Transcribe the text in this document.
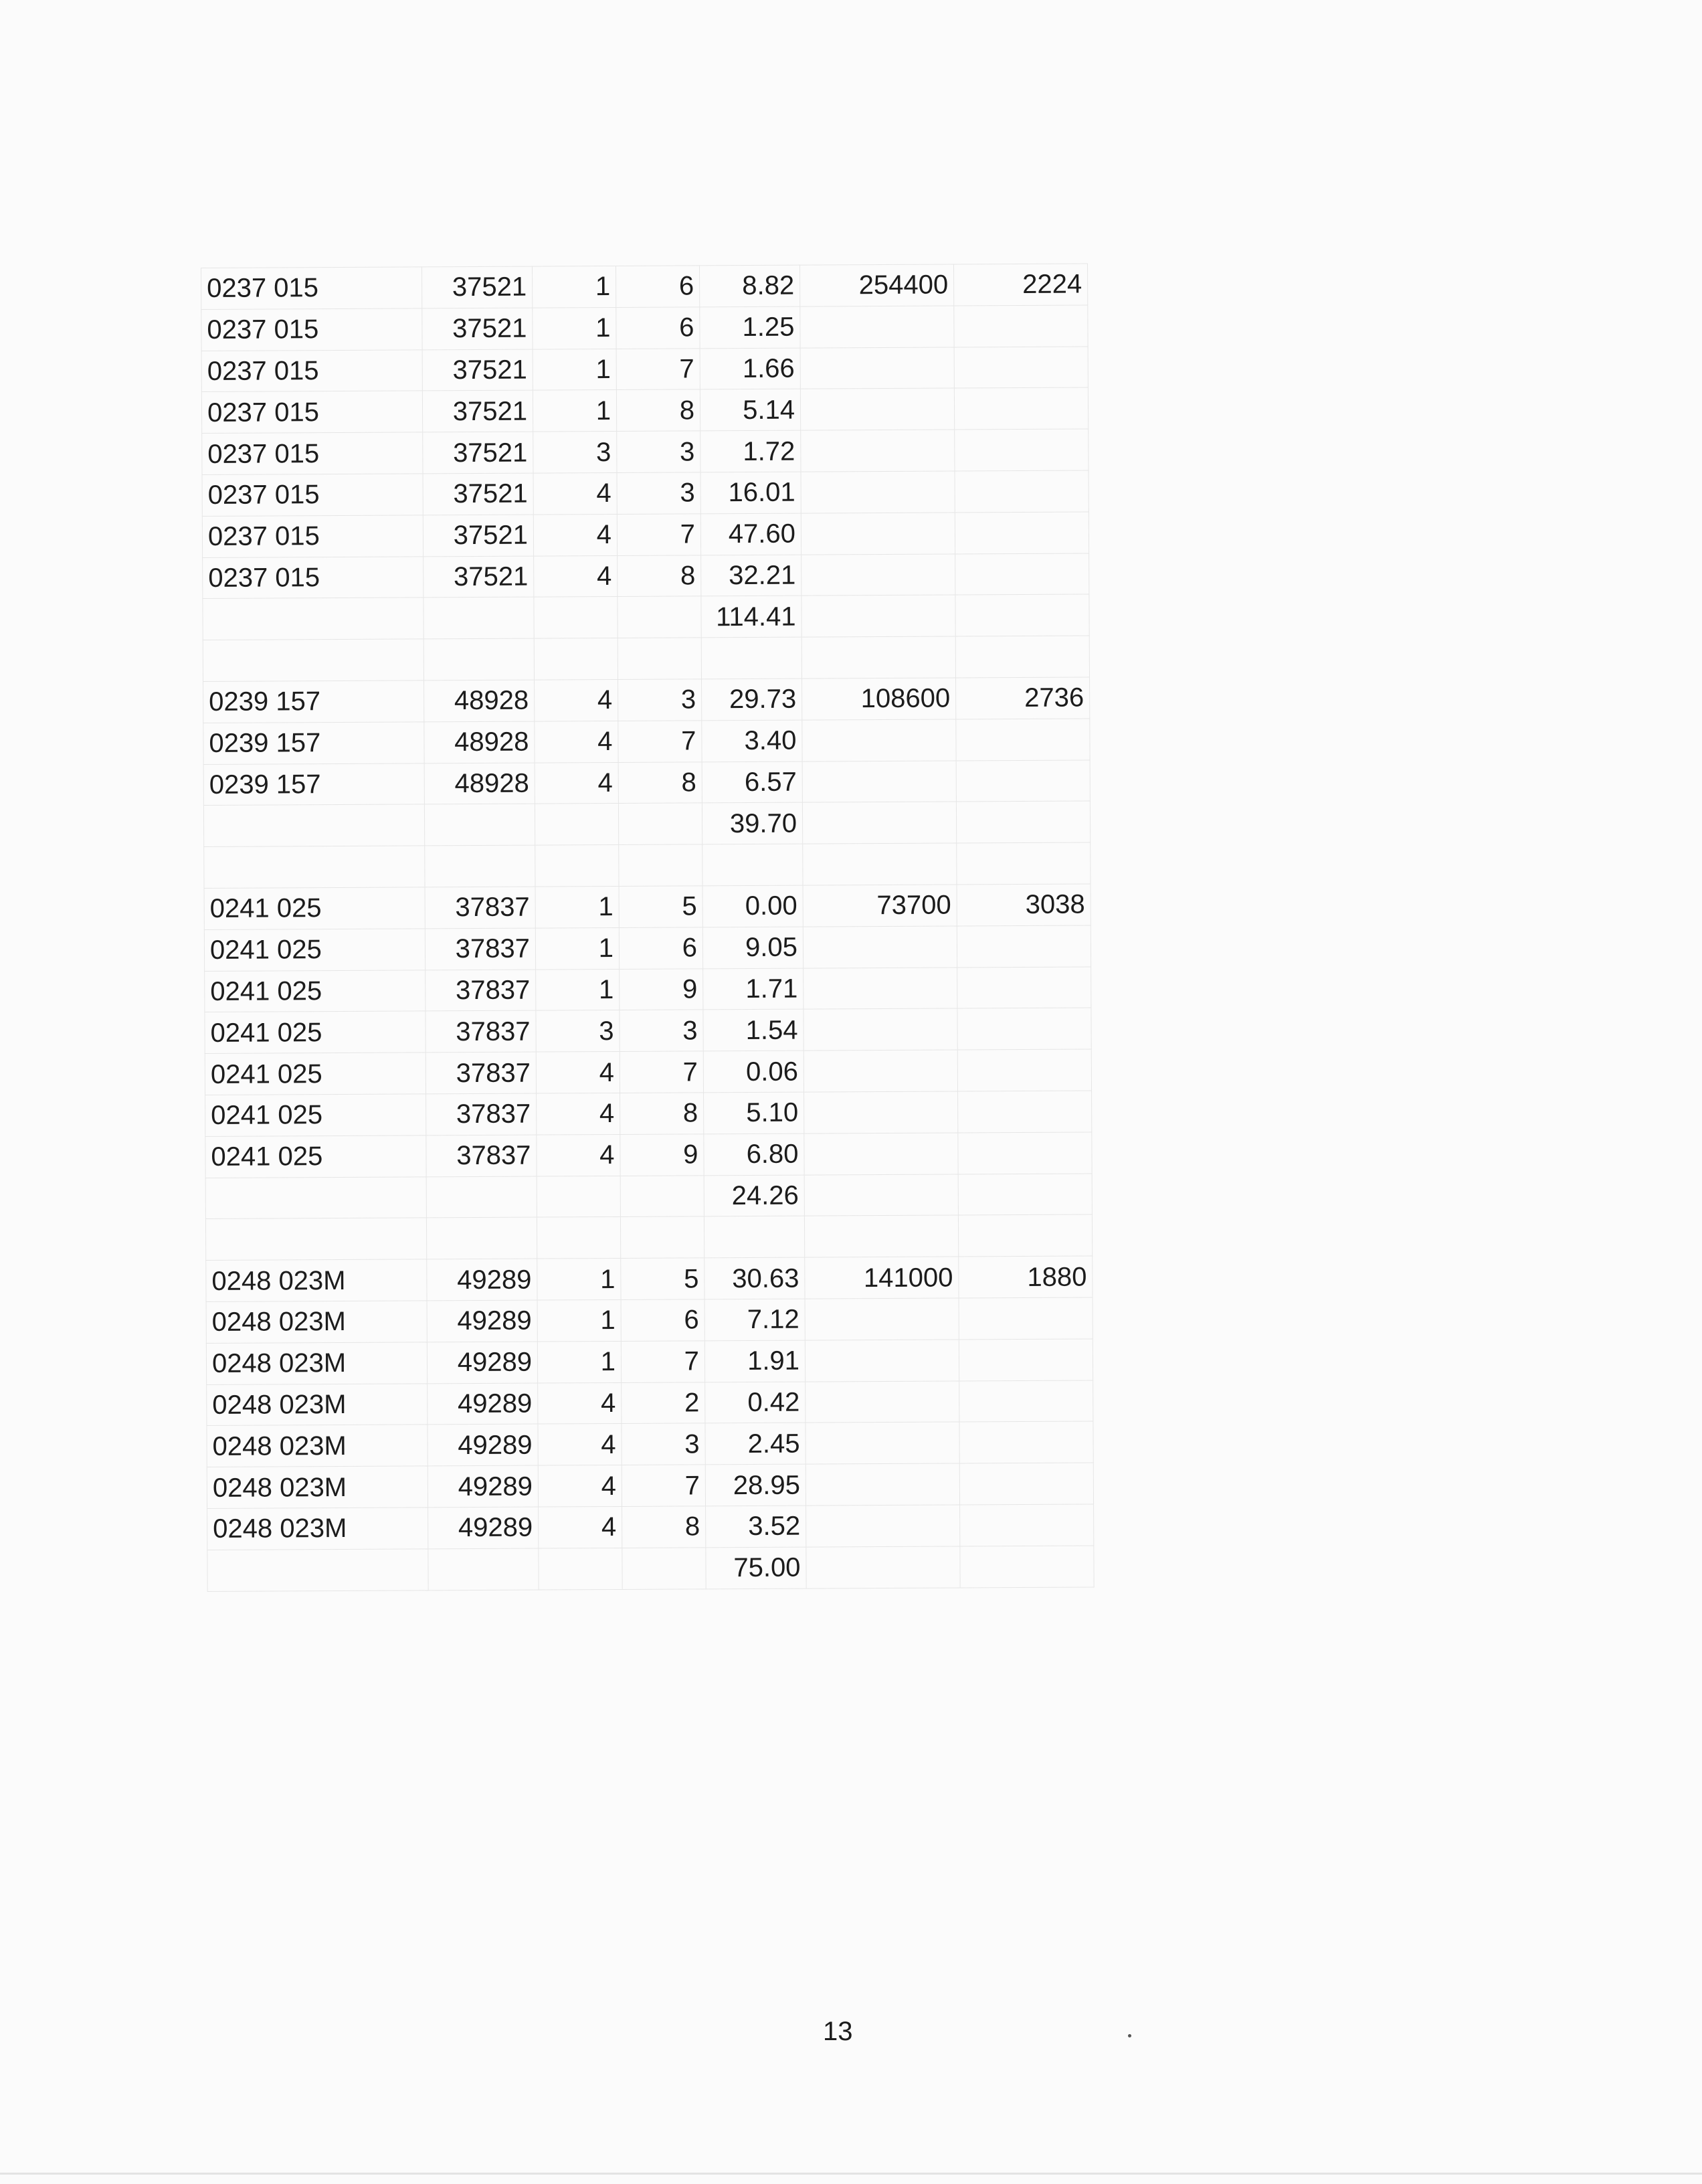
0237 015	37521	1	6	8.82	254400	2224
0237 015	37521	1	6	1.25		
0237 015	37521	1	7	1.66		
0237 015	37521	1	8	5.14		
0237 015	37521	3	3	1.72		
0237 015	37521	4	3	16.01		
0237 015	37521	4	7	47.60		
0237 015	37521	4	8	32.21		
				114.41		

0239 157	48928	4	3	29.73	108600	2736
0239 157	48928	4	7	3.40		
0239 157	48928	4	8	6.57		
				39.70		

0241 025	37837	1	5	0.00	73700	3038
0241 025	37837	1	6	9.05		
0241 025	37837	1	9	1.71		
0241 025	37837	3	3	1.54		
0241 025	37837	4	7	0.06		
0241 025	37837	4	8	5.10		
0241 025	37837	4	9	6.80		
				24.26		

0248 023M	49289	1	5	30.63	141000	1880
0248 023M	49289	1	6	7.12		
0248 023M	49289	1	7	1.91		
0248 023M	49289	4	2	0.42		
0248 023M	49289	4	3	2.45		
0248 023M	49289	4	7	28.95		
0248 023M	49289	4	8	3.52		
				75.00		
13
